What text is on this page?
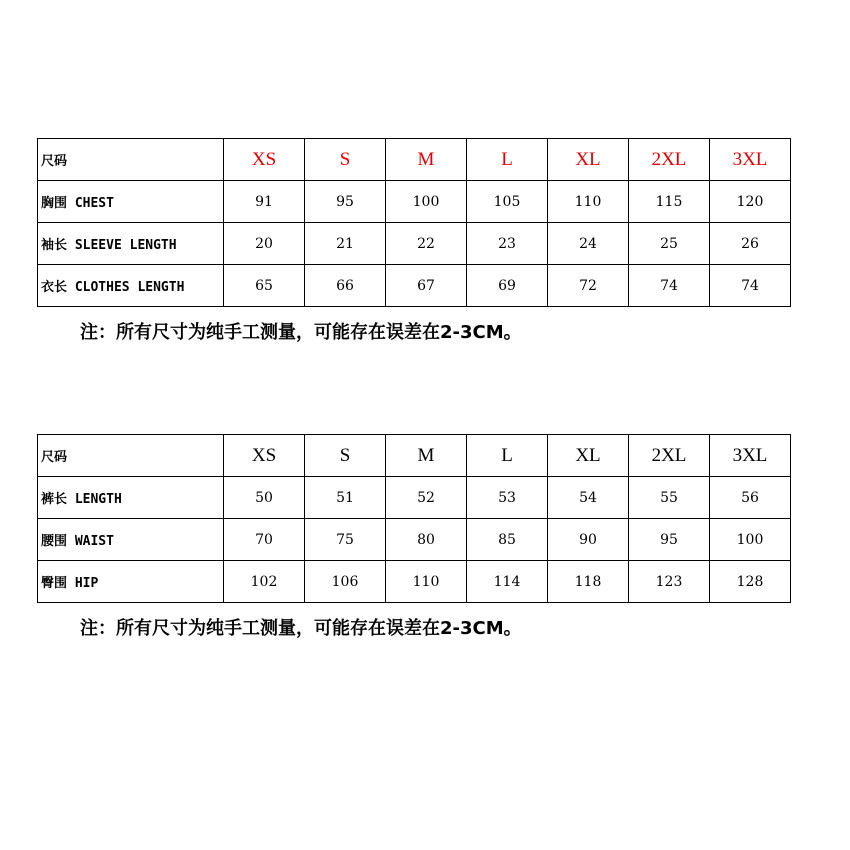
尺码	XS	S	M	L	XL	2XL	3XL
胸围 CHEST	91	95	100	105	110	115	120
袖长 SLEEVE LENGTH	20	21	22	23	24	25	26
衣长 CLOTHES LENGTH	65	66	67	69	72	74	74
注：所有尺寸为纯手工测量，可能存在误差在2-3CM。
尺码	XS	S	M	L	XL	2XL	3XL
裤长 LENGTH	50	51	52	53	54	55	56
腰围 WAIST	70	75	80	85	90	95	100
臀围 HIP	102	106	110	114	118	123	128
注：所有尺寸为纯手工测量，可能存在误差在2-3CM。
